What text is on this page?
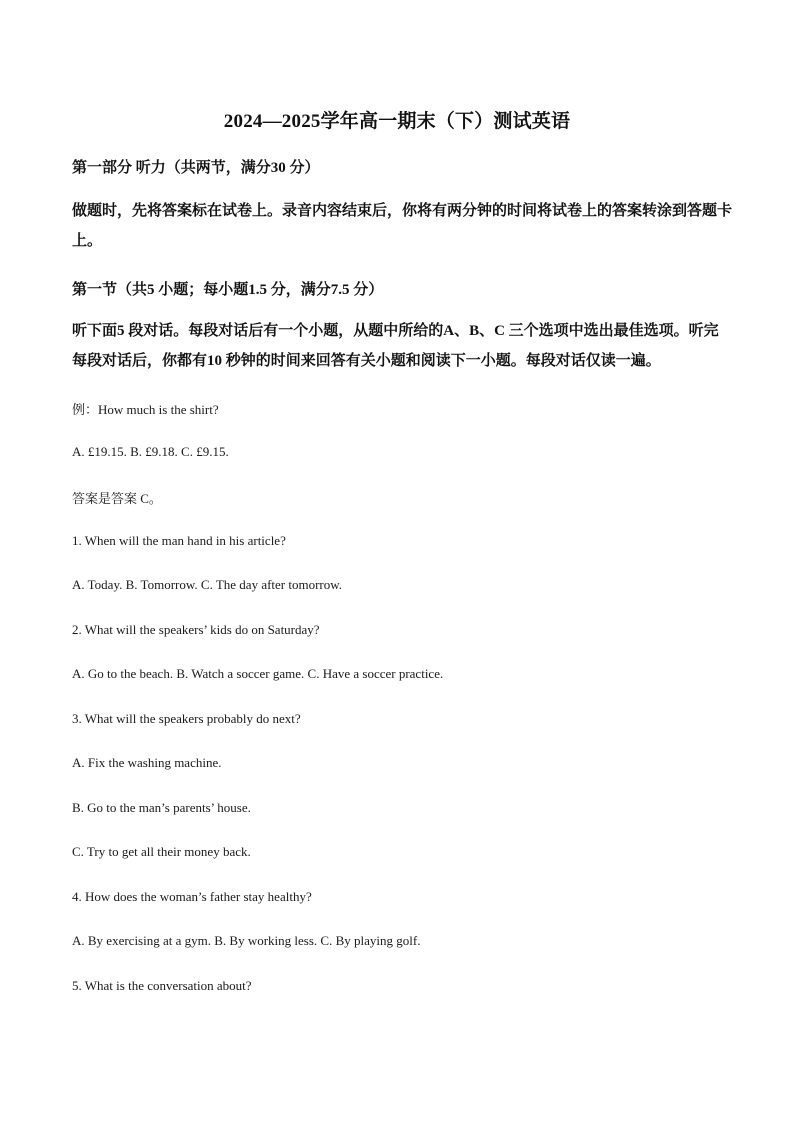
2024—2025学年高一期末（下）测试英语
第一部分 听力（共两节，满分30 分）
做题时，先将答案标在试卷上。录音内容结束后，你将有两分钟的时间将试卷上的答案转涂到答题卡上。
第一节（共5 小题；每小题1.5 分，满分7.5 分）
听下面5 段对话。每段对话后有一个小题，从题中所给的A、B、C 三个选项中选出最佳选项。听完每段对话后，你都有10 秒钟的时间来回答有关小题和阅读下一小题。每段对话仅读一遍。
例：How much is the shirt?
A. £19.15. B. £9.18. C. £9.15.
答案是答案 C。
1. When will the man hand in his article?
A. Today. B. Tomorrow. C. The day after tomorrow.
2. What will the speakers’ kids do on Saturday?
A. Go to the beach. B. Watch a soccer game. C. Have a soccer practice.
3. What will the speakers probably do next?
A. Fix the washing machine.
B. Go to the man’s parents’ house.
C. Try to get all their money back.
4. How does the woman’s father stay healthy?
A. By exercising at a gym. B. By working less. C. By playing golf.
5. What is the conversation about?
